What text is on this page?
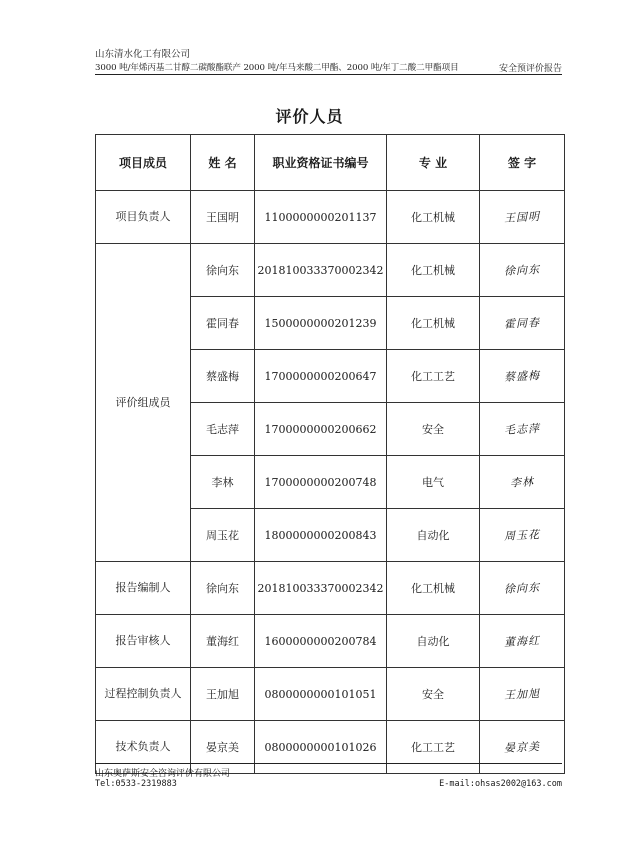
山东清水化工有限公司
3000 吨/年烯丙基二甘醇二碳酸酯联产 2000 吨/年马来酸二甲酯、2000 吨/年丁二酸二甲酯项目	安全预评价报告
评价人员
项目成员	姓 名	职业资格证书编号	专 业	签 字
项目负责人	王国明	1100000000201137	化工机械	王国明
评价组成员	徐向东	201810033370002342	化工机械	徐向东
	霍同春	1500000000201239	化工机械	霍同春
	蔡盛梅	1700000000200647	化工工艺	蔡盛梅
	毛志萍	1700000000200662	安全	毛志萍
	李林	1700000000200748	电气	李林
	周玉花	1800000000200843	自动化	周玉花
报告编制人	徐向东	201810033370002342	化工机械	徐向东
报告审核人	董海红	1600000000200784	自动化	董海红
过程控制负责人	王加旭	0800000000101051	安全	王加旭
技术负责人	晏京美	0800000000101026	化工工艺	晏京美
山东奥萨斯安全咨询评价有限公司
Tel:0533-2319883	E-mail:ohsas2002@163.com
